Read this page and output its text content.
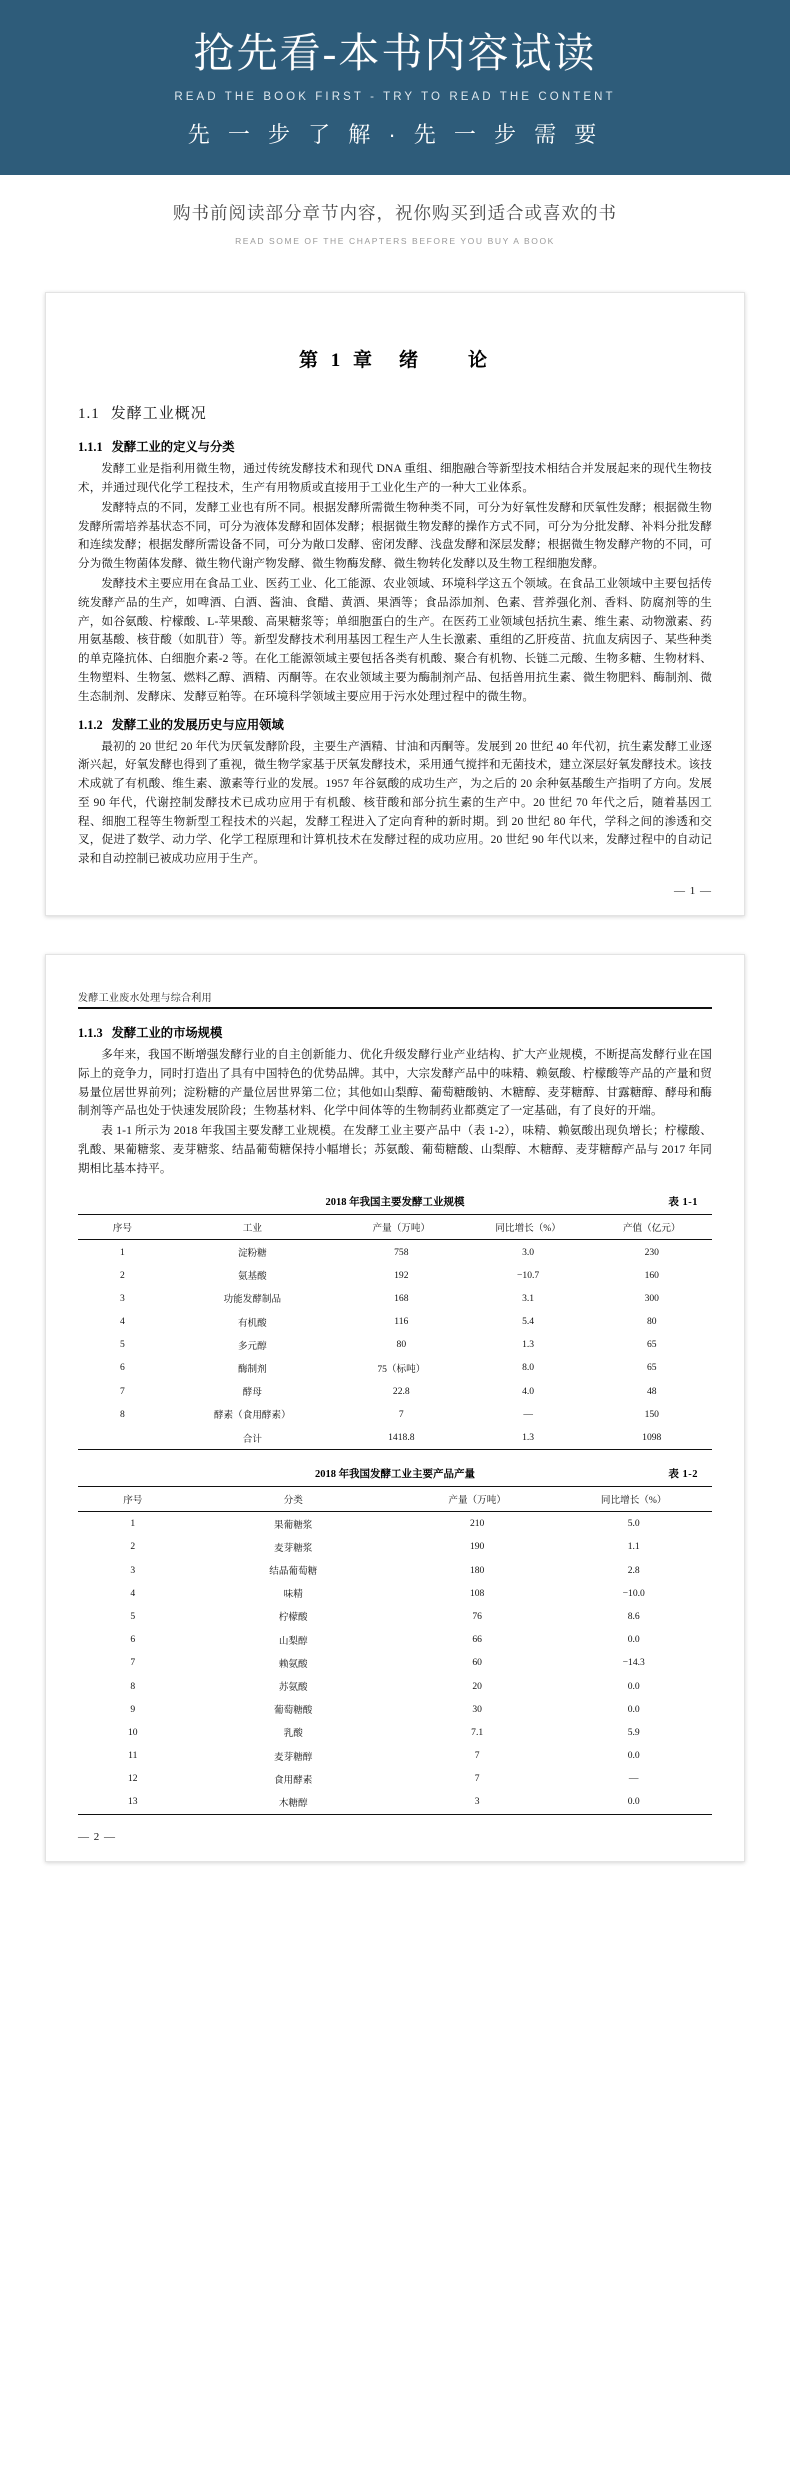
抢先看-本书内容试读
READ THE BOOK FIRST - TRY TO READ THE CONTENT
先 一 步 了 解 · 先 一 步 需 要
购书前阅读部分章节内容，祝你购买到适合或喜欢的书
READ SOME OF THE CHAPTERS BEFORE YOU BUY A BOOK
第 1 章　绪　　论
1.1 发酵工业概况
1.1.1 发酵工业的定义与分类

发酵工业是指利用微生物，通过传统发酵技术和现代 DNA 重组、细胞融合等新型技术相结合并发展起来的现代生物技术，并通过现代化学工程技术，生产有用物质或直接用于工业化生产的一种大工业体系。

发酵特点的不同，发酵工业也有所不同。根据发酵所需微生物种类不同，可分为好氧性发酵和厌氧性发酵；根据微生物发酵所需培养基状态不同，可分为液体发酵和固体发酵；根据微生物发酵的操作方式不同，可分为分批发酵、补料分批发酵和连续发酵；根据发酵所需设备不同，可分为敞口发酵、密闭发酵、浅盘发酵和深层发酵；根据微生物发酵产物的不同，可分为微生物菌体发酵、微生物代谢产物发酵、微生物酶发酵、微生物转化发酵以及生物工程细胞发酵。

发酵技术主要应用在食品工业、医药工业、化工能源、农业领域、环境科学这五个领域。在食品工业领域中主要包括传统发酵产品的生产，如啤酒、白酒、酱油、食醋、黄酒、果酒等；食品添加剂、色素、营养强化剂、香料、防腐剂等的生产，如谷氨酸、柠檬酸、L-苹果酸、高果糖浆等；单细胞蛋白的生产。在医药工业领域包括抗生素、维生素、动物激素、药用氨基酸、核苷酸（如肌苷）等。新型发酵技术利用基因工程生产人生长激素、重组的乙肝疫苗、抗血友病因子、某些种类的单克隆抗体、白细胞介素-2 等。在化工能源领域主要包括各类有机酸、聚合有机物、长链二元酸、生物多糖、生物材料、生物塑料、生物氢、燃料乙醇、酒精、丙酮等。在农业领域主要为酶制剂产品、包括兽用抗生素、微生物肥料、酶制剂、微生态制剂、发酵床、发酵豆粕等。在环境科学领域主要应用于污水处理过程中的微生物。

1.1.2 发酵工业的发展历史与应用领域

最初的 20 世纪 20 年代为厌氧发酵阶段，主要生产酒精、甘油和丙酮等。发展到 20 世纪 40 年代初，抗生素发酵工业逐渐兴起，好氧发酵也得到了重视，微生物学家基于厌氧发酵技术，采用通气搅拌和无菌技术，建立深层好氧发酵技术。该技术成就了有机酸、维生素、激素等行业的发展。1957 年谷氨酸的成功生产，为之后的 20 余种氨基酸生产指明了方向。发展至 90 年代，代谢控制发酵技术已成功应用于有机酸、核苷酸和部分抗生素的生产中。20 世纪 70 年代之后，随着基因工程、细胞工程等生物新型工程技术的兴起，发酵工程进入了定向育种的新时期。到 20 世纪 80 年代，学科之间的渗透和交叉，促进了数学、动力学、化学工程原理和计算机技术在发酵过程的成功应用。20 世纪 90 年代以来，发酵过程中的自动记录和自动控制已被成功应用于生产。

— 1 —
发酵工业废水处理与综合利用
1.1.3 发酵工业的市场规模

多年来，我国不断增强发酵行业的自主创新能力、优化升级发酵行业产业结构、扩大产业规模，不断提高发酵行业在国际上的竞争力，同时打造出了具有中国特色的优势品牌。其中，大宗发酵产品中的味精、赖氨酸、柠檬酸等产品的产量和贸易量位居世界前列；淀粉糖的产量位居世界第二位；其他如山梨醇、葡萄糖酸钠、木糖醇、麦芽糖醇、甘露糖醇、酵母和酶制剂等产品也处于快速发展阶段；生物基材料、化学中间体等的生物制药业都奠定了一定基础，有了良好的开端。

表 1-1 所示为 2018 年我国主要发酵工业规模。在发酵工业主要产品中（表 1-2），味精、赖氨酸出现负增长；柠檬酸、乳酸、果葡糖浆、麦芽糖浆、结晶葡萄糖保持小幅增长；苏氨酸、葡萄糖酸、山梨醇、木糖醇、麦芽糖醇产品与 2017 年同期相比基本持平。

2018 年我国主要发酵工业规模	表 1-1
序号	工业	产量（万吨）	同比增长（%）	产值（亿元）
1	淀粉糖	758	3.0	230
2	氨基酸	192	−10.7	160
3	功能发酵制品	168	3.1	300
4	有机酸	116	5.4	80
5	多元醇	80	1.3	65
6	酶制剂	75（标吨）	8.0	65
7	酵母	22.8	4.0	48
8	酵素（食用酵素）	7	—	150
	合计	1418.8	1.3	1098
2018 年我国发酵工业主要产品产量	表 1-2
序号	分类	产量（万吨）	同比增长（%）
1	果葡糖浆	210	5.0
2	麦芽糖浆	190	1.1
3	结晶葡萄糖	180	2.8
4	味精	108	−10.0
5	柠檬酸	76	8.6
6	山梨醇	66	0.0
7	赖氨酸	60	−14.3
8	苏氨酸	20	0.0
9	葡萄糖酸	30	0.0
10	乳酸	7.1	5.9
11	麦芽糖醇	7	0.0
12	食用酵素	7	—
13	木糖醇	3	0.0
— 2 —
